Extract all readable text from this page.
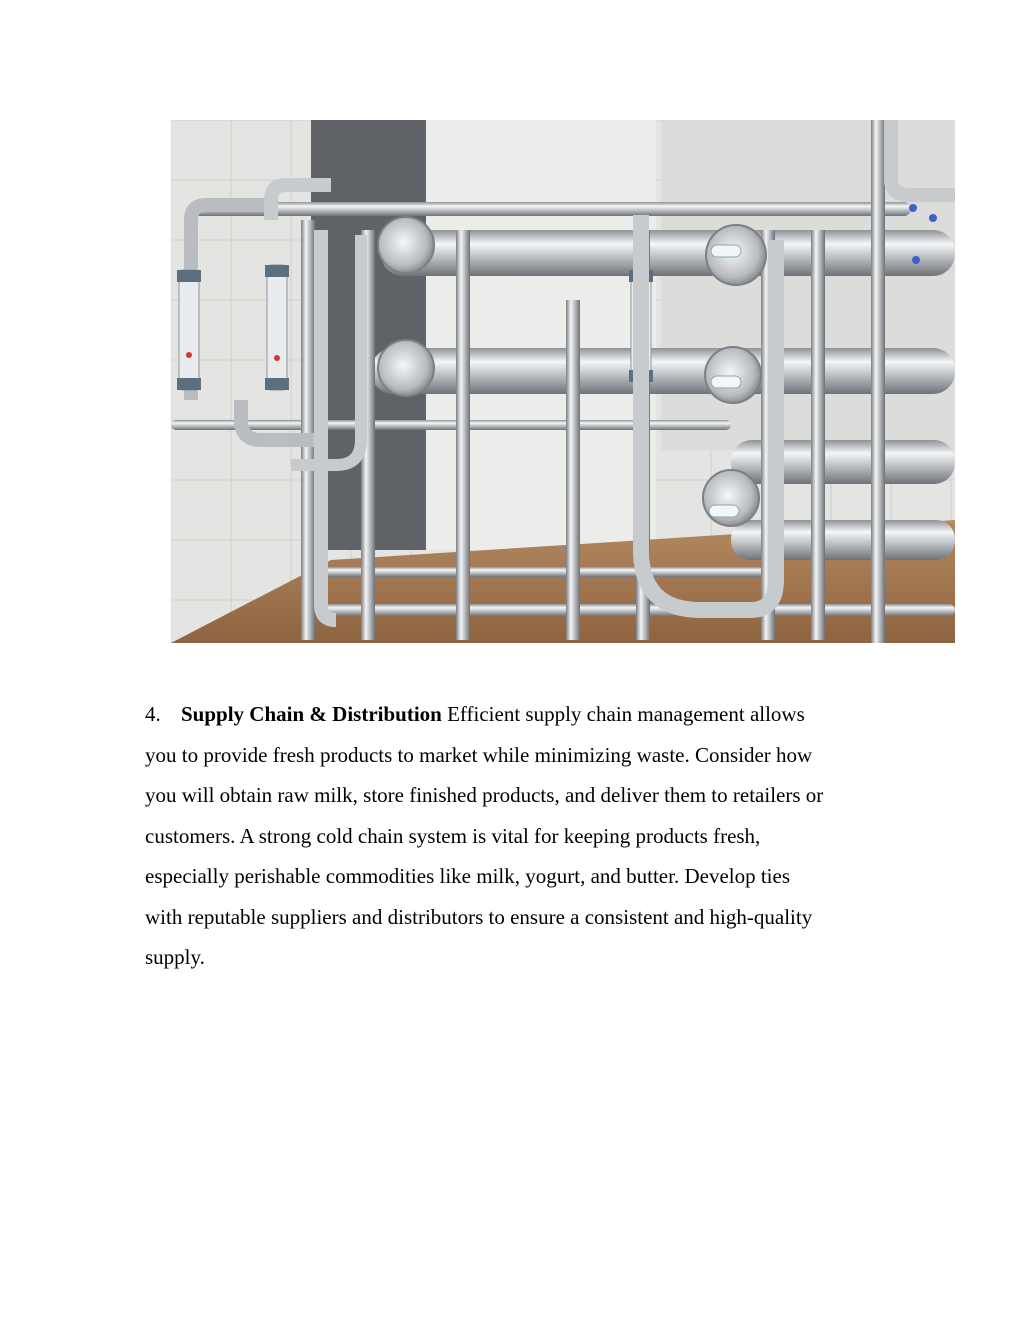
4. Supply Chain & Distribution Efficient supply chain management allows
you to provide fresh products to market while minimizing waste. Consider how
you will obtain raw milk, store finished products, and deliver them to retailers or
customers. A strong cold chain system is vital for keeping products fresh,
especially perishable commodities like milk, yogurt, and butter. Develop ties
with reputable suppliers and distributors to ensure a consistent and high-quality
supply.
